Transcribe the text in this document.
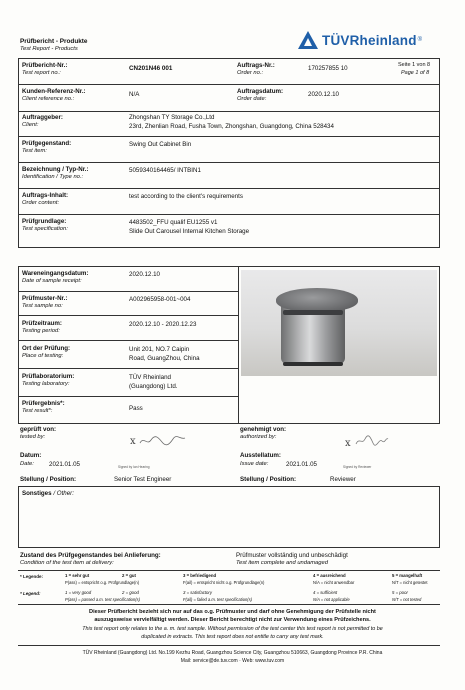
Prüfbericht - Produkte
Test Report - Products
TÜVRheinland ®
Prüfbericht-Nr.:
Test report no.:
CN201N46 001	Auftrags-Nr.:
Order no.:
170257855 10	Seite 1 von 8
Page 1 of 8
Kunden-Referenz-Nr.:
Client reference no.:
N/A	Auftragsdatum:
Order date:
2020.12.10
Auftraggeber:
Client:
Zhongshan TY Storage Co.,Ltd
23rd, Zhenlian Road, Fusha Town, Zhongshan, Guangdong, China 528434
Prüfgegenstand:
Test item:
Swing Out Cabinet Bin
Bezeichnung / Typ-Nr.:
Identification / Type no.:
5059340164465/ INTBIN1
Auftrags-Inhalt:
Order content:
test according to the client's requirements
Prüfgrundlage:
Test specification:
4483502_FFU qualif EU1255 v1
Slide Out Carousel Internal Kitchen Storage
Wareneingangsdatum:
Date of sample receipt:
2020.12.10
Prüfmuster-Nr.:
Test sample no:
A002965958-001~004
Prüfzeitraum:
Testing period:
2020.12.10 - 2020.12.23
Ort der Prüfung:
Place of testing:
Unit 201, NO.7 Caipin
Road, GuangZhou, China
Prüflaboratorium:
Testing laboratory:
TÜV Rheinland
(Guangdong) Ltd.
Prüfergebnis*:
Test result*:	Pass
geprüft von:
tested by:
genehmigt von:
authorized by:
x	x
Datum:
Date: 2021.01.05	Signed by Ian Hearing
Ausstellatum:
Issue date:	2021.01.05	Signed by Reviewer
Stellung / Position:	Senior Test Engineer	Stellung / Position:	Reviewer
Sonstiges / Other:
Zustand des Prüfgegenstandes bei Anlieferung:
Condition of the test item at delivery:
Prüfmuster vollständig und unbeschädigt
Test item complete and undamaged
* Legende:	1 = sehr gut	2 = gut	3 = befriedigend	4 = ausreichend	5 = mangelhaft
P(ass) = entspricht o.g. Prüfgrundlage(n)	F(ail) = entspricht nicht o.g. Prüfgrundlage(n)	N/A = nicht anwendbar	N/T = nicht getestet
* Legend:	1 = very good	2 = good	3 = satisfactory	4 = sufficient	5 = poor
P(ass) = passed a.m. test specification(s)	F(ail) = failed a.m. test specification(s)	N/A = not applicable	N/T = not tested
Dieser Prüfbericht bezieht sich nur auf das o.g. Prüfmuster und darf ohne Genehmigung der Prüfstelle nicht
auszugsweise vervielfältigt werden. Dieser Bericht berechtigt nicht zur Verwendung eines Prüfzeichens.
This test report only relates to the a. m. test sample. Without permission of the test center this test report is not permitted to be
duplicated in extracts. This test report does not entitle to carry any test mark.
TÜV Rheinland (Guangdong) Ltd. No.199 Kezhu Road, Guangzhou Science City, Guangzhou 510663, Guangdong Province P.R. China
Mail: service@de.tuv.com · Web: www.tuv.com
